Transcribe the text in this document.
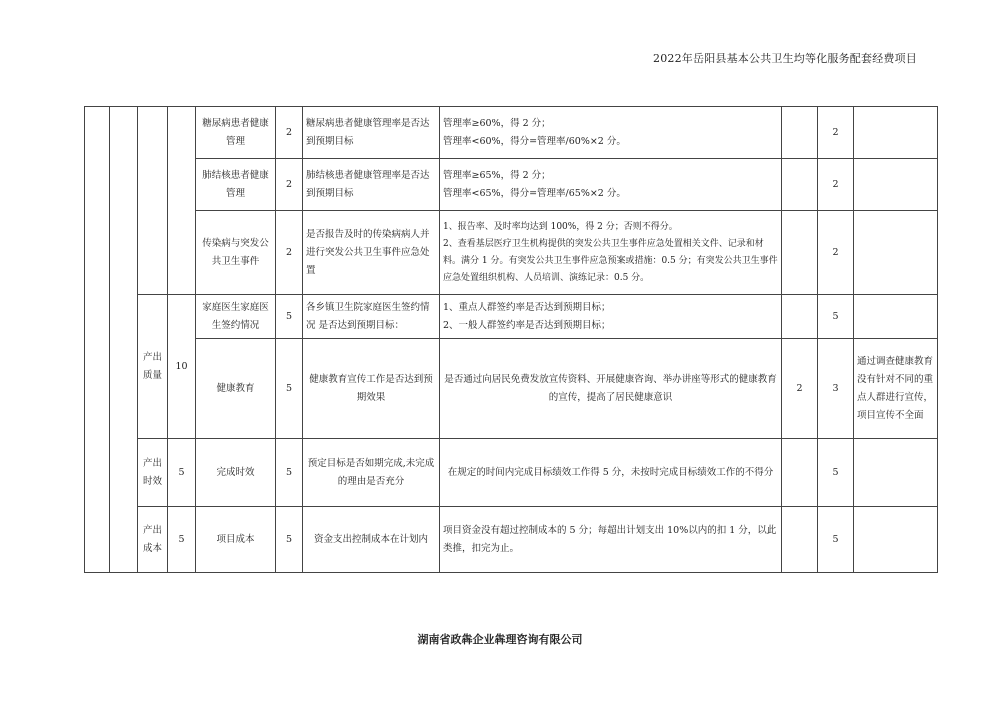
2022年岳阳县基本公共卫生均等化服务配套经费项目
				糖尿病患者健康管理	2	糖尿病患者健康管理率是否达到预期目标	管理率≥60%，得 2 分；
管理率<60%，得分=管理率/60%×2 分。		2	
				肺结核患者健康管理	2	肺结核患者健康管理率是否达到预期目标	管理率≥65%，得 2 分；
管理率<65%，得分=管理率/65%×2 分。		2	
				传染病与突发公共卫生事件	2	是否报告及时的传染病病人并进行突发公共卫生事件应急处置	1、报告率、及时率均达到 100%，得 2 分；否则不得分。
2、查看基层医疗卫生机构提供的突发公共卫生事件应急处置相关文件、记录和材料。满分 1 分。有突发公共卫生事件应急预案或措施：0.5 分；有突发公共卫生事件应急处置组织机构、人员培训、演练记录：0.5 分。		2	
		产出质量	10	家庭医生家庭医生签约情况	5	各乡镇卫生院家庭医生签约情况 是否达到预期目标：	1、重点人群签约率是否达到预期目标；
2、一般人群签约率是否达到预期目标；		5	
				健康教育	5	健康教育宣传工作是否达到预期效果	是否通过向居民免费发放宣传资料、开展健康咨询、举办讲座等形式的健康教育的宣传，提高了居民健康意识	2	3	通过调查健康教育没有针对不同的重点人群进行宣传，项目宣传不全面
		产出时效	5	完成时效	5	预定目标是否如期完成,未完成的理由是否充分	在规定的时间内完成目标绩效工作得 5 分，未按时完成目标绩效工作的不得分		5	
		产出成本	5	项目成本	5	资金支出控制成本在计划内	项目资金没有超过控制成本的 5 分；每超出计划支出 10%以内的扣 1 分，以此类推，扣完为止。		5	
湖南省政犇企业犇理咨询有限公司
